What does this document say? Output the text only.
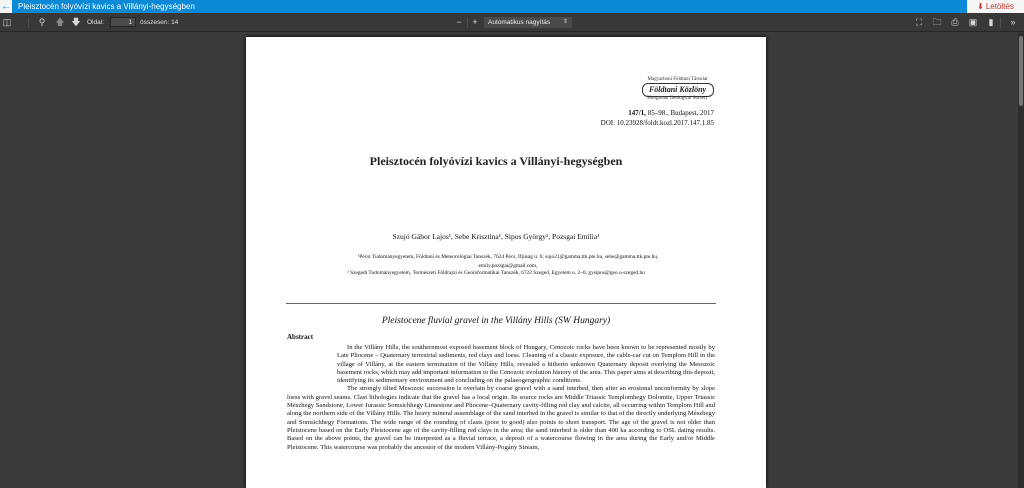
← Pleisztocén folyóvízi kavics a Villányi-hegységben	⬇ Letöltés
◫	⚲	🡅 🡇 Oldal:	1	összesen: 14	−	+	Automatikus nagyítás ⇕	⛶	🗀	⎙	▣	▮	»
Magyarhoni Földtani Társulat
Földtani Közlöny
Hungarian Geological Society
147/1, 85–98., Budapest, 2017
DOI: 10.23928/foldt.kozl.2017.147.1.85
Pleisztocén folyóvízi kavics a Villányi-hegységben
Szujó Gábor Lajos¹, Sebe Krisztina¹, Sipos György², Pozsgai Emília¹
¹Pécsi Tudományegyetem, Földtani és Meteorológiai Tanszék, 7624 Pécs, Ifjúság ú. 6; sujo21@gamma.ttk.pte.hu, sebe@gamma.ttk.pte.hu,
emily.pozsgai@gmail.com,
² Szegedi Tudományegyetem, Természeti Földrajzi és Geoinformatikai Tanszék, 6722 Szeged, Egyetem u. 2–6; gysipos@geo.u-szeged.hu
Pleistocene fluvial gravel in the Villány Hills (SW Hungary)
Abstract

In the Villány Hills, the southernmost exposed basement block of Hungary, Cenozoic rocks have been known to be represented mostly by Late Pliocene – Quaternary terrestrial sediments, red clays and loess. Cleaning of a classic exposure, the cable-car cut on Templom Hill in the village of Villány, at the eastern termination of the Villány Hills, revealed a hitherto unknown Quaternary deposit overlying the Mesozoic basement rocks, which may add important information to the Cenozoic evolution history of the area. This paper aims at describing this deposit, identifying its sedimentary environment and concluding on the palaeogeographic conditions.

The strongly tilted Mesozoic succession is overlain by coarse gravel with a sand interbed, then after an erosional unconformity by slope loess with gravel seams. Clast lithologies indicate that the gravel has a local origin. Its source rocks are Middle Triassic Templomhegy Dolomite, Upper Triassic Mészhegy Sandstone, Lower Jurassic Somsichhegy Limestone and Pliocene–Quaternary cavity-filling red clay and calcite, all occurring within Templom Hill and along the northern side of the Villány Hills. The heavy mineral assemblage of the sand interbed in the gravel is similar to that of the directly underlying Mészhegy and Somsichhegy Formations. The wide range of the rounding of clasts (poor to good) also points to short transport. The age of the gravel is not older than Pleistocene based on the Early Pleistocene age of the cavity-filling red clays in the area; the sand interbed is older than 400 ka according to OSL dating results. Based on the above points, the gravel can be interpreted as a fluvial terrace, a deposit of a watercourse flowing in the area during the Early and/or Middle Pleistocene. This watercourse was probably the ancestor of the modern Villány-Pogány Stream,
